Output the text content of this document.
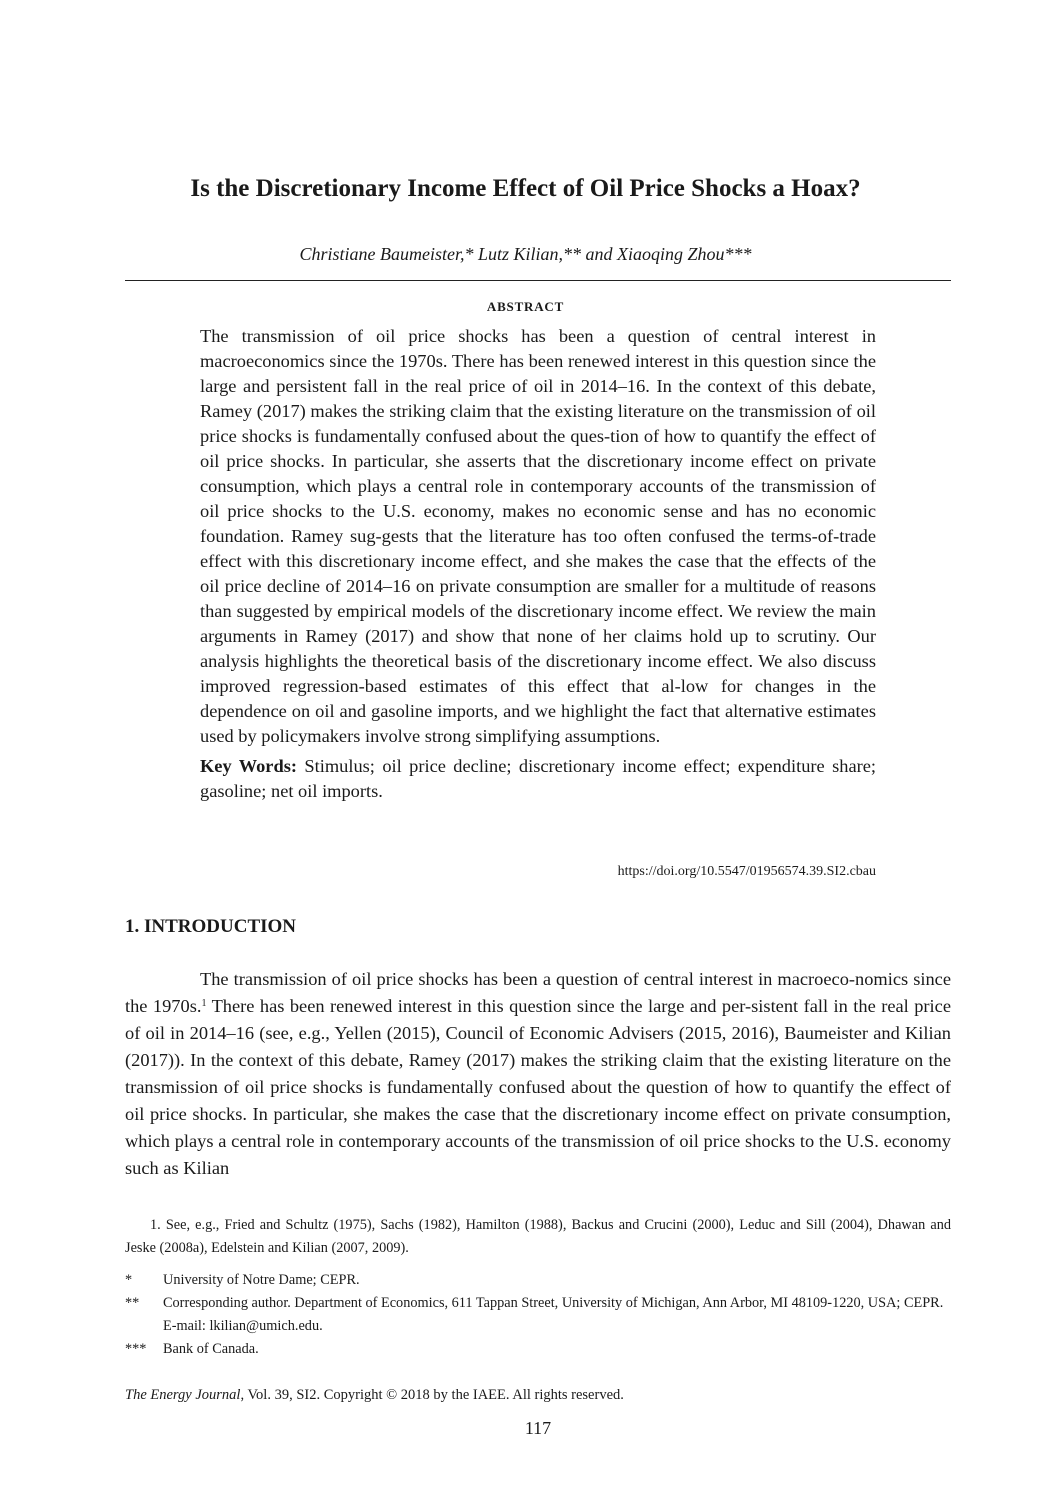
Is the Discretionary Income Effect of Oil Price Shocks a Hoax?
Christiane Baumeister,* Lutz Kilian,** and Xiaoqing Zhou***
ABSTRACT

The transmission of oil price shocks has been a question of central interest in macroeconomics since the 1970s. There has been renewed interest in this question since the large and persistent fall in the real price of oil in 2014–16. In the context of this debate, Ramey (2017) makes the striking claim that the existing literature on the transmission of oil price shocks is fundamentally confused about the ques-tion of how to quantify the effect of oil price shocks. In particular, she asserts that the discretionary income effect on private consumption, which plays a central role in contemporary accounts of the transmission of oil price shocks to the U.S. economy, makes no economic sense and has no economic foundation. Ramey sug-gests that the literature has too often confused the terms-of-trade effect with this discretionary income effect, and she makes the case that the effects of the oil price decline of 2014–16 on private consumption are smaller for a multitude of reasons than suggested by empirical models of the discretionary income effect. We review the main arguments in Ramey (2017) and show that none of her claims hold up to scrutiny. Our analysis highlights the theoretical basis of the discretionary income effect. We also discuss improved regression-based estimates of this effect that al-low for changes in the dependence on oil and gasoline imports, and we highlight the fact that alternative estimates used by policymakers involve strong simplifying assumptions.

Key Words: Stimulus; oil price decline; discretionary income effect; expenditure share; gasoline; net oil imports.

https://doi.org/10.5547/01956574.39.SI2.cbau
1. INTRODUCTION

The transmission of oil price shocks has been a question of central interest in macroeco-nomics since the 1970s.$^1$ There has been renewed interest in this question since the large and per-sistent fall in the real price of oil in 2014–16 (see, e.g., Yellen (2015), Council of Economic Advisers (2015, 2016), Baumeister and Kilian (2017)). In the context of this debate, Ramey (2017) makes the striking claim that the existing literature on the transmission of oil price shocks is fundamentally confused about the question of how to quantify the effect of oil price shocks. In particular, she makes the case that the discretionary income effect on private consumption, which plays a central role in contemporary accounts of the transmission of oil price shocks to the U.S. economy such as Kilian

1. See, e.g., Fried and Schultz (1975), Sachs (1982), Hamilton (1988), Backus and Crucini (2000), Leduc and Sill (2004), Dhawan and Jeske (2008a), Edelstein and Kilian (2007, 2009).

*	University of Notre Dame; CEPR.
**	Corresponding author. Department of Economics, 611 Tappan Street, University of Michigan, Ann Arbor, MI 48109-1220, USA; CEPR. E-mail: lkilian@umich.edu.
***	Bank of Canada.
The Energy Journal, Vol. 39, SI2. Copyright © 2018 by the IAEE. All rights reserved.
117
